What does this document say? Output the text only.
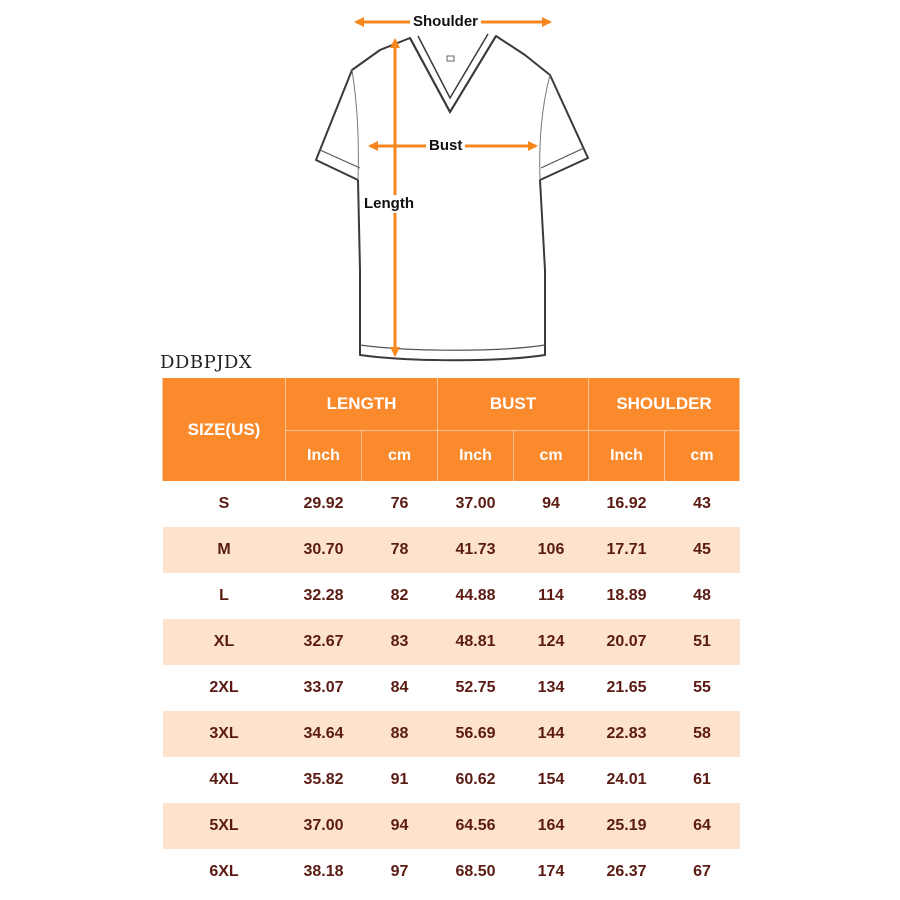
Shoulder
Bust
Length
DDBPJDX
SIZE(US)	LENGTH		BUST		SHOULDER	
	Inch	cm	Inch	cm	Inch	cm
S	29.92	76	37.00	94	16.92	43
M	30.70	78	41.73	106	17.71	45
L	32.28	82	44.88	114	18.89	48
XL	32.67	83	48.81	124	20.07	51
2XL	33.07	84	52.75	134	21.65	55
3XL	34.64	88	56.69	144	22.83	58
4XL	35.82	91	60.62	154	24.01	61
5XL	37.00	94	64.56	164	25.19	64
6XL	38.18	97	68.50	174	26.37	67
